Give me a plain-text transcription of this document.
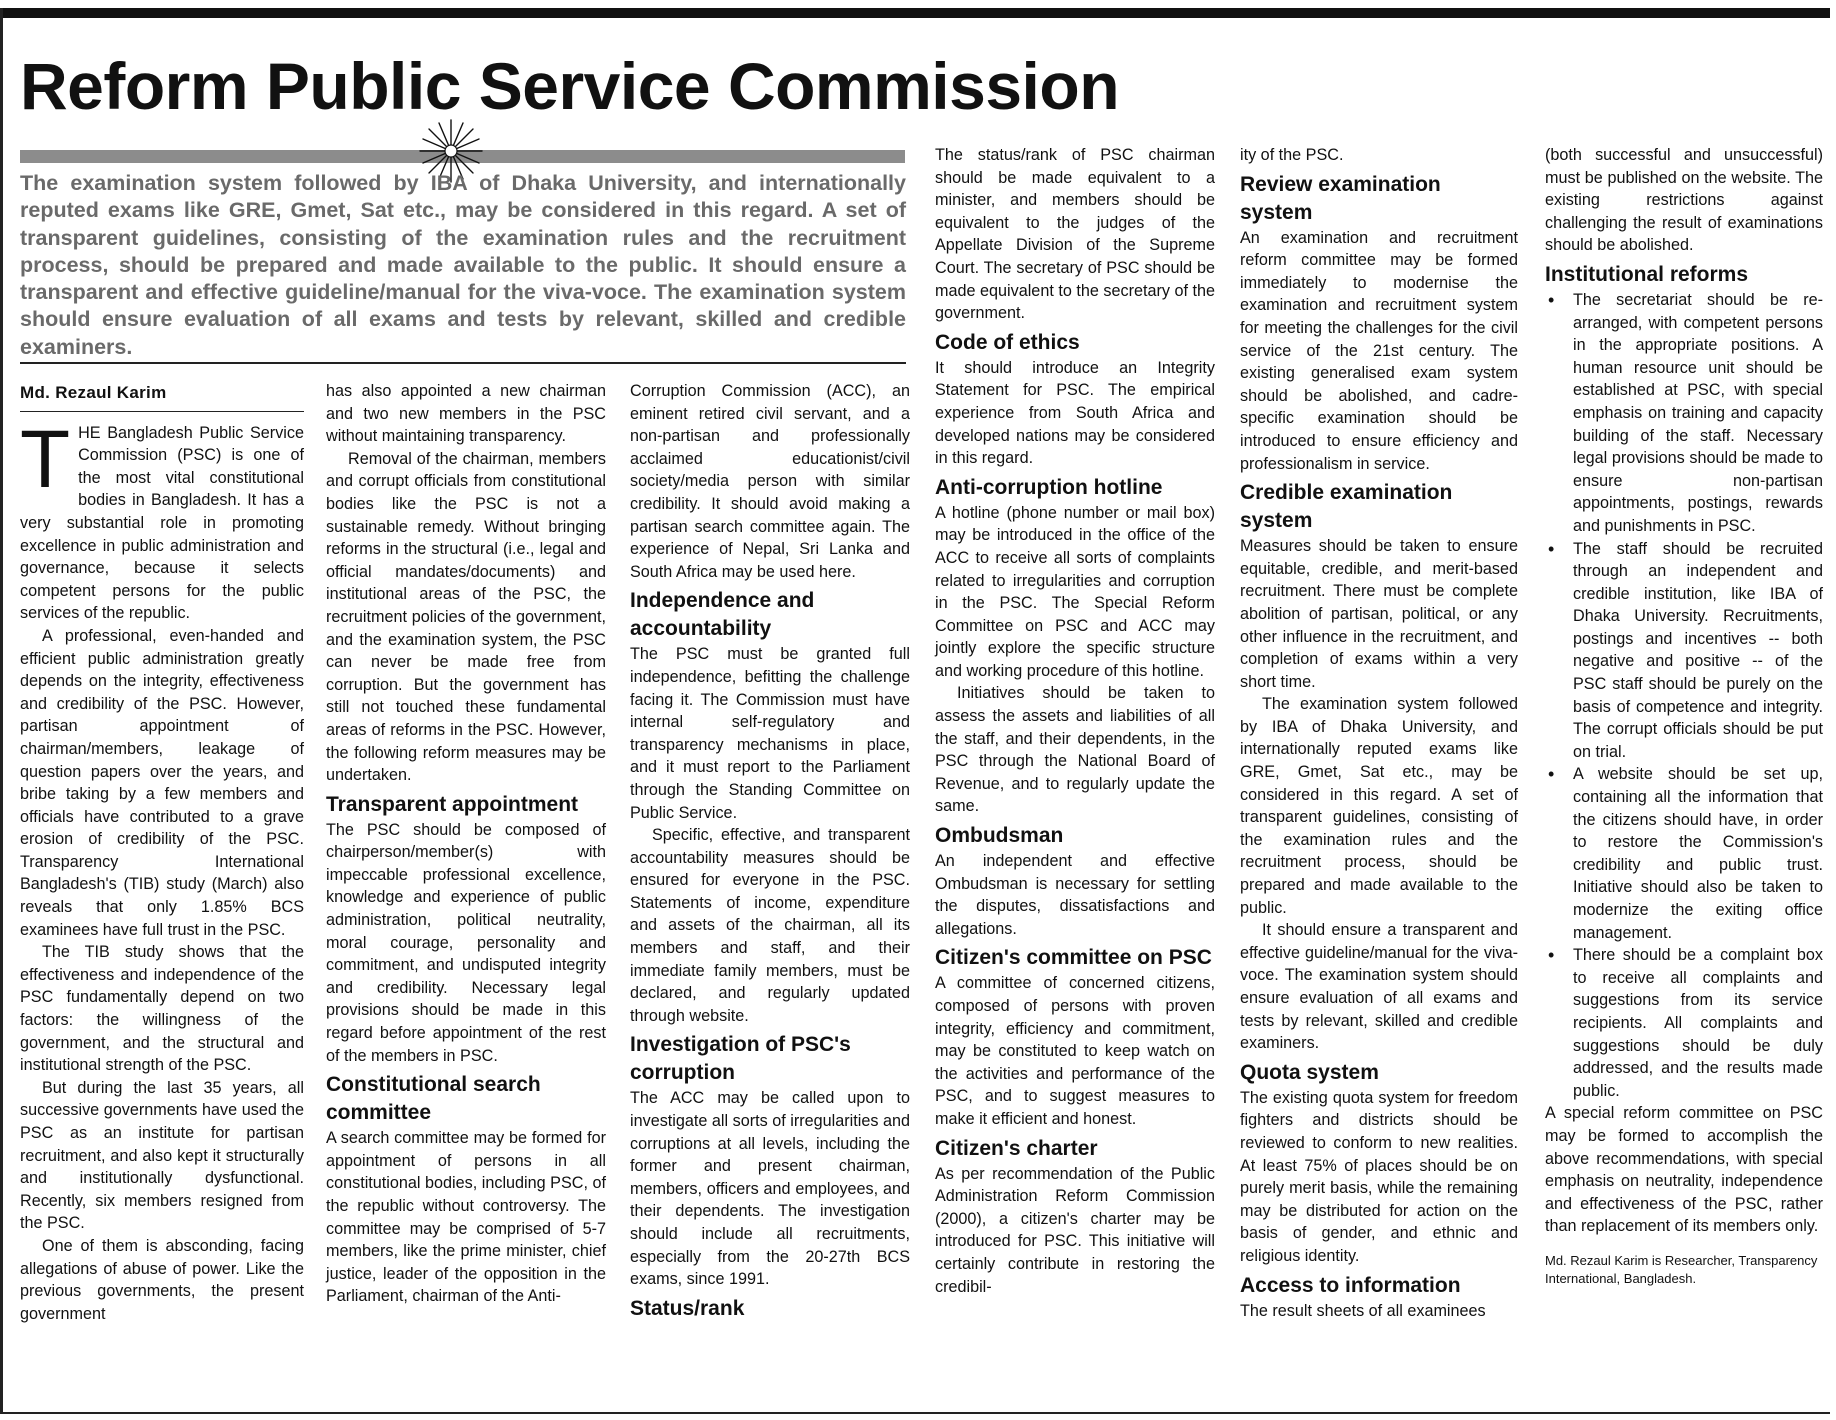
Reform Public Service Commission

The examination system followed by IBA of Dhaka University, and internationally reputed exams like GRE, Gmet, Sat etc., may be considered in this regard. A set of transparent guidelines, consisting of the examination rules and the recruitment process, should be prepared and made available to the public. It should ensure a transparent and effective guideline/manual for the viva-voce. The examination system should ensure evaluation of all exams and tests by relevant, skilled and credible examiners.

Md. Rezaul Karim

THE Bangladesh Public Service Commission (PSC) is one of the most vital constitutional bodies in Bangladesh. It has a very substantial role in promoting excellence in public administration and governance, because it selects competent persons for the public services of the republic.

A professional, even-handed and efficient public administration greatly depends on the integrity, effectiveness and credibility of the PSC. However, partisan appointment of chairman/members, leakage of question papers over the years, and bribe taking by a few members and officials have contributed to a grave erosion of credibility of the PSC. Transparency International Bangladesh's (TIB) study (March) also reveals that only 1.85% BCS examinees have full trust in the PSC.

The TIB study shows that the effectiveness and independence of the PSC fundamentally depend on two factors: the willingness of the government, and the structural and institutional strength of the PSC.

But during the last 35 years, all successive governments have used the PSC as an institute for partisan recruitment, and also kept it structurally and institutionally dysfunctional. Recently, six members resigned from the PSC.

One of them is absconding, facing allegations of abuse of power. Like the previous governments, the present government

has also appointed a new chairman and two new members in the PSC without maintaining transparency.

Removal of the chairman, members and corrupt officials from constitutional bodies like the PSC is not a sustainable remedy. Without bringing reforms in the structural (i.e., legal and official mandates/documents) and institutional areas of the PSC, the recruitment policies of the government, and the examination system, the PSC can never be made free from corruption. But the government has still not touched these fundamental areas of reforms in the PSC. However, the following reform measures may be undertaken.

Transparent appointment

The PSC should be composed of chairperson/member(s) with impeccable professional excellence, knowledge and experience of public administration, political neutrality, moral courage, personality and commitment, and undisputed integrity and credibility. Necessary legal provisions should be made in this regard before appointment of the rest of the members in PSC.

Constitutional search committee

A search committee may be formed for appointment of persons in all constitutional bodies, including PSC, of the republic without controversy. The committee may be comprised of 5-7 members, like the prime minister, chief justice, leader of the opposition in the Parliament, chairman of the Anti-

Corruption Commission (ACC), an eminent retired civil servant, and a non-partisan and professionally acclaimed educationist/civil society/media person with similar credibility. It should avoid making a partisan search committee again. The experience of Nepal, Sri Lanka and South Africa may be used here.

Independence and accountability

The PSC must be granted full independence, befitting the challenge facing it. The Commission must have internal self-regulatory and transparency mechanisms in place, and it must report to the Parliament through the Standing Committee on Public Service.

Specific, effective, and transparent accountability measures should be ensured for everyone in the PSC. Statements of income, expenditure and assets of the chairman, all its members and staff, and their immediate family members, must be declared, and regularly updated through website.

Investigation of PSC's corruption

The ACC may be called upon to investigate all sorts of irregularities and corruptions at all levels, including the former and present chairman, members, officers and employees, and their dependents. The investigation should include all recruitments, especially from the 20-27th BCS exams, since 1991.

Status/rank

The status/rank of PSC chairman should be made equivalent to a minister, and members should be equivalent to the judges of the Appellate Division of the Supreme Court. The secretary of PSC should be made equivalent to the secretary of the government.

Code of ethics

It should introduce an Integrity Statement for PSC. The empirical experience from South Africa and developed nations may be considered in this regard.

Anti-corruption hotline

A hotline (phone number or mail box) may be introduced in the office of the ACC to receive all sorts of complaints related to irregularities and corruption in the PSC. The Special Reform Committee on PSC and ACC may jointly explore the specific structure and working procedure of this hotline.

Initiatives should be taken to assess the assets and liabilities of all the staff, and their dependents, in the PSC through the National Board of Revenue, and to regularly update the same.

Ombudsman

An independent and effective Ombudsman is necessary for settling the disputes, dissatisfactions and allegations.

Citizen's committee on PSC

A committee of concerned citizens, composed of persons with proven integrity, efficiency and commitment, may be constituted to keep watch on the activities and performance of the PSC, and to suggest measures to make it efficient and honest.

Citizen's charter

As per recommendation of the Public Administration Reform Commission (2000), a citizen's charter may be introduced for PSC. This initiative will certainly contribute in restoring the credibil-

ity of the PSC.

Review examination system

An examination and recruitment reform committee may be formed immediately to modernise the examination and recruitment system for meeting the challenges for the civil service of the 21st century. The existing generalised exam system should be abolished, and cadre-specific examination should be introduced to ensure efficiency and professionalism in service.

Credible examination system

Measures should be taken to ensure equitable, credible, and merit-based recruitment. There must be complete abolition of partisan, political, or any other influence in the recruitment, and completion of exams within a very short time.

The examination system followed by IBA of Dhaka University, and internationally reputed exams like GRE, Gmet, Sat etc., may be considered in this regard. A set of transparent guidelines, consisting of the examination rules and the recruitment process, should be prepared and made available to the public.

It should ensure a transparent and effective guideline/manual for the viva-voce. The examination system should ensure evaluation of all exams and tests by relevant, skilled and credible examiners.

Quota system

The existing quota system for freedom fighters and districts should be reviewed to conform to new realities. At least 75% of places should be on purely merit basis, while the remaining may be distributed for action on the basis of gender, and ethnic and religious identity.

Access to information

The result sheets of all examinees

(both successful and unsuccessful) must be published on the website. The existing restrictions against challenging the result of examinations should be abolished.

Institutional reforms
• The secretariat should be re-arranged, with competent persons in the appropriate positions. A human resource unit should be established at PSC, with special emphasis on training and capacity building of the staff. Necessary legal provisions should be made to ensure non-partisan appointments, postings, rewards and punishments in PSC.
• The staff should be recruited through an independent and credible institution, like IBA of Dhaka University. Recruitments, postings and incentives -- both negative and positive -- of the PSC staff should be purely on the basis of competence and integrity. The corrupt officials should be put on trial.
• A website should be set up, containing all the information that the citizens should have, in order to restore the Commission's credibility and public trust. Initiative should also be taken to modernize the exiting office management.
• There should be a complaint box to receive all complaints and suggestions from its service recipients. All complaints and suggestions should be duly addressed, and the results made public.

A special reform committee on PSC may be formed to accomplish the above recommendations, with special emphasis on neutrality, independence and effectiveness of the PSC, rather than replacement of its members only.

Md. Rezaul Karim is Researcher, Transparency International, Bangladesh.
